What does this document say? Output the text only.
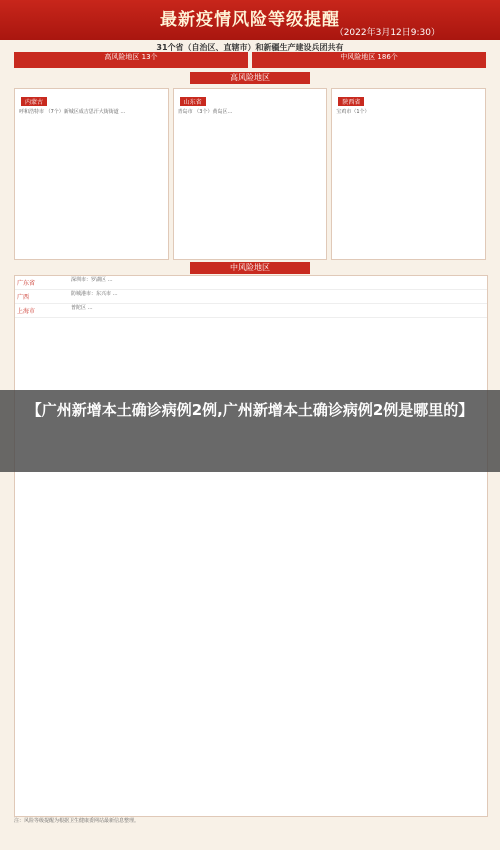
最新疫情风险等级提醒
（2022年3月12日9:30）
31个省（自治区、直辖市）和新疆生产建设兵团共有
高风险地区 13个	中风险地区 186个
高风险地区
内蒙古
呼和浩特市 （7个）新城区成吉思汗大街街道 …
山东省
青岛市 （3个）黄岛区…
陕西省
宝鸡市（1个）
中风险地区
广东省	深圳市：罗湖区 …
广西	防城港市：东兴市 …
上海市	普陀区 …
【广州新增本土确诊病例2例,广州新增本土确诊病例2例是哪里的】
注：风险等级提醒为根据卫生健康委网站最新信息整理。
